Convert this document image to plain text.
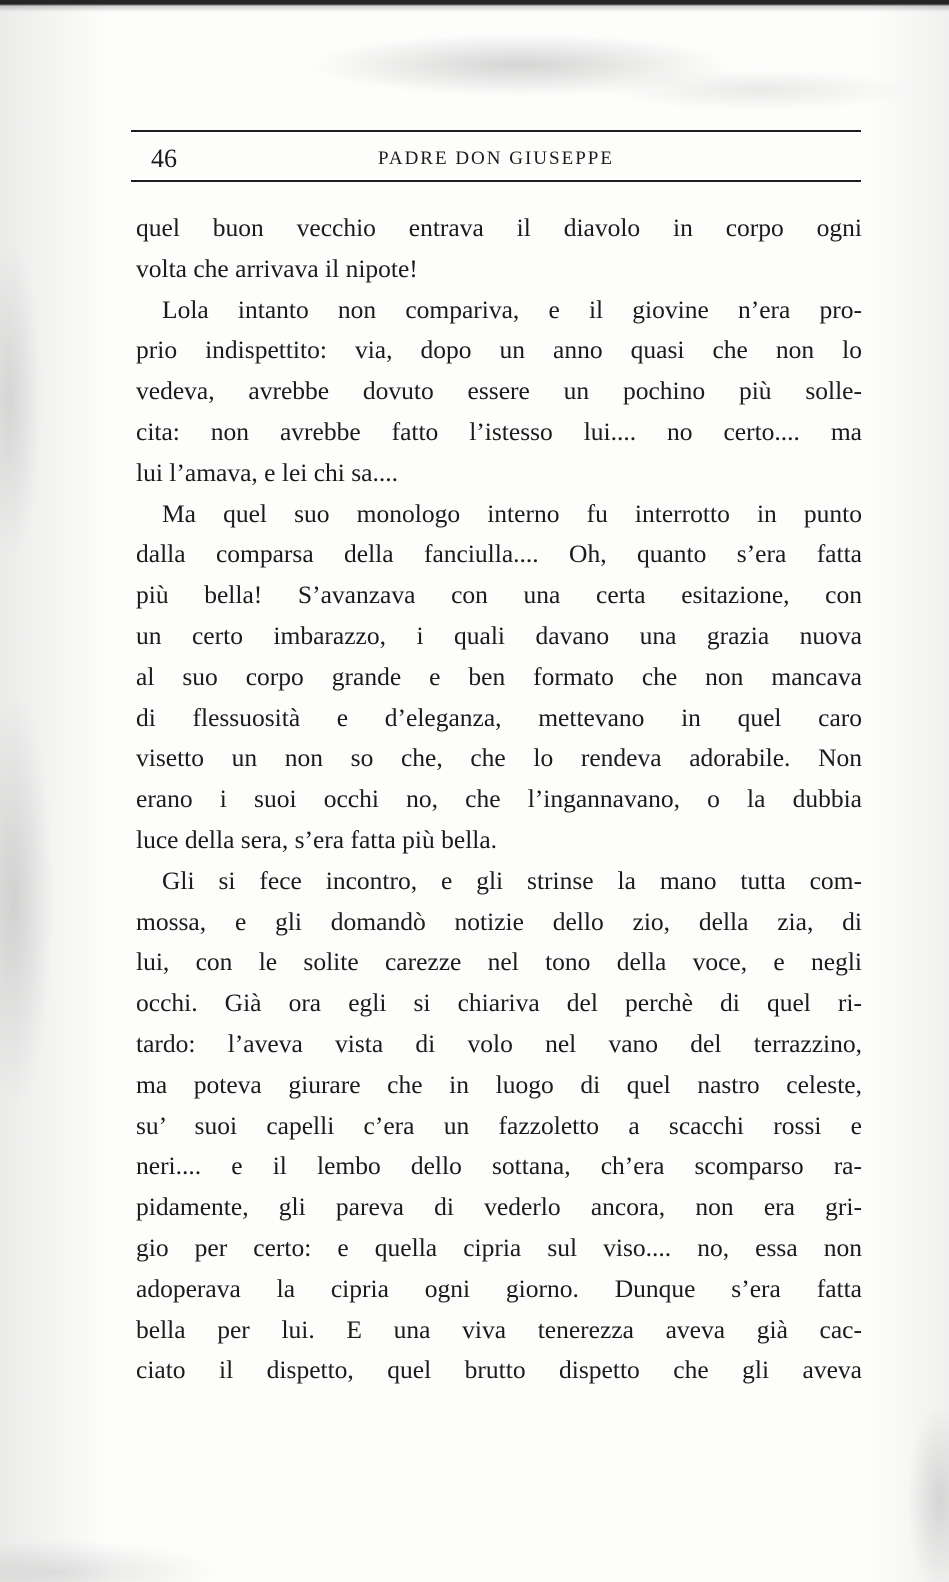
46	PADRE DON GIUSEPPE
quel buon vecchio entrava il diavolo in corpo ogni
volta che arrivava il nipote!
Lola intanto non compariva, e il giovine n’era pro-
prio indispettito: via, dopo un anno quasi che non lo
vedeva, avrebbe dovuto essere un pochino più solle-
cita: non avrebbe fatto l’istesso lui.... no certo.... ma
lui l’amava, e lei chi sa....
Ma quel suo monologo interno fu interrotto in punto
dalla comparsa della fanciulla.... Oh, quanto s’era fatta
più bella! S’avanzava con una certa esitazione, con
un certo imbarazzo, i quali davano una grazia nuova
al suo corpo grande e ben formato che non mancava
di flessuosità e d’eleganza, mettevano in quel caro
visetto un non so che, che lo rendeva adorabile. Non
erano i suoi occhi no, che l’ingannavano, o la dubbia
luce della sera, s’era fatta più bella.
Gli si fece incontro, e gli strinse la mano tutta com-
mossa, e gli domandò notizie dello zio, della zia, di
lui, con le solite carezze nel tono della voce, e negli
occhi. Già ora egli si chiariva del perchè di quel ri-
tardo: l’aveva vista di volo nel vano del terrazzino,
ma poteva giurare che in luogo di quel nastro celeste,
su’ suoi capelli c’era un fazzoletto a scacchi rossi e
neri.... e il lembo dello sottana, ch’era scomparso ra-
pidamente, gli pareva di vederlo ancora, non era gri-
gio per certo: e quella cipria sul viso.... no, essa non
adoperava la cipria ogni giorno. Dunque s’era fatta
bella per lui. E una viva tenerezza aveva già cac-
ciato il dispetto, quel brutto dispetto che gli aveva
